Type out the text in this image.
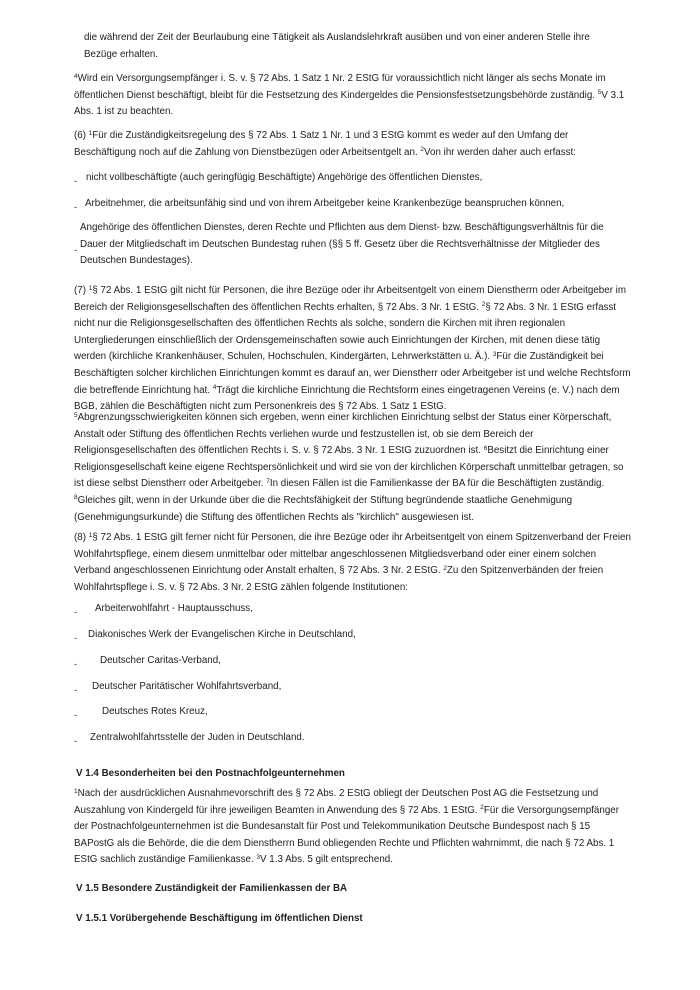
die während der Zeit der Beurlaubung eine Tätigkeit als Auslandslehrkraft ausüben und von einer anderen Stelle ihre Bezüge erhalten.

$^4$Wird ein Versorgungsempfänger i. S. v. § 72 Abs. 1 Satz 1 Nr. 2 EStG für voraussichtlich nicht länger als sechs Monate im öffentlichen Dienst beschäftigt, bleibt für die Festsetzung des Kindergeldes die Pensionsfestsetzungsbehörde zuständig. $^5$V 3.1 Abs. 1 ist zu beachten.

(6) $^1$Für die Zuständigkeitsregelung des § 72 Abs. 1 Satz 1 Nr. 1 und 3 EStG kommt es weder auf den Umfang der Beschäftigung noch auf die Zahlung von Dienstbezügen oder Arbeitsentgelt an. $^2$Von ihr werden daher auch erfasst:

- nicht vollbeschäftigte (auch geringfügig Beschäftigte) Angehörige des öffentlichen Dienstes,
- Arbeitnehmer, die arbeitsunfähig sind und von ihrem Arbeitgeber keine Krankenbezüge beanspruchen können,
-
Angehörige des öffentlichen Dienstes, deren Rechte und Pflichten aus dem Dienst- bzw. Beschäftigungsverhältnis für die Dauer der Mitgliedschaft im Deutschen Bundestag ruhen (§§ 5 ff. Gesetz über die Rechtsverhältnisse der Mitglieder des Deutschen Bundestages).

(7) $^1$§ 72 Abs. 1 EStG gilt nicht für Personen, die ihre Bezüge oder ihr Arbeitsentgelt von einem Dienstherrn oder Arbeitgeber im Bereich der Religionsgesellschaften des öffentlichen Rechts erhalten, § 72 Abs. 3 Nr. 1 EStG. $^2$§ 72 Abs. 3 Nr. 1 EStG erfasst nicht nur die Religionsgesellschaften des öffentlichen Rechts als solche, sondern die Kirchen mit ihren regionalen Untergliederungen einschließlich der Ordensgemeinschaften sowie auch Einrichtungen der Kirchen, mit denen diese tätig werden (kirchliche Krankenhäuser, Schulen, Hochschulen, Kindergärten, Lehrwerkstätten u. Ä.). $^3$Für die Zuständigkeit bei Beschäftigten solcher kirchlichen Einrichtungen kommt es darauf an, wer Dienstherr oder Arbeitgeber ist und welche Rechtsform die betreffende Einrichtung hat. $^4$Trägt die kirchliche Einrichtung die Rechtsform eines eingetragenen Vereins (e. V.) nach dem BGB, zählen die Beschäftigten nicht zum Personenkreis des § 72 Abs. 1 Satz 1 EStG.

$^5$Abgrenzungsschwierigkeiten können sich ergeben, wenn einer kirchlichen Einrichtung selbst der Status einer Körperschaft, Anstalt oder Stiftung des öffentlichen Rechts verliehen wurde und festzustellen ist, ob sie dem Bereich der Religionsgesellschaften des öffentlichen Rechts i. S. v. § 72 Abs. 3 Nr. 1 EStG zuzuordnen ist. $^6$Besitzt die Einrichtung einer Religionsgesellschaft keine eigene Rechtspersönlichkeit und wird sie von der kirchlichen Körperschaft unmittelbar getragen, so ist diese selbst Dienstherr oder Arbeitgeber. $^7$In diesen Fällen ist die Familienkasse der BA für die Beschäftigten zuständig. $^8$Gleiches gilt, wenn in der Urkunde über die die Rechtsfähigkeit der Stiftung begründende staatliche Genehmigung (Genehmigungsurkunde) die Stiftung des öffentlichen Rechts als "kirchlich" ausgewiesen ist.

(8) $^1$§ 72 Abs. 1 EStG gilt ferner nicht für Personen, die ihre Bezüge oder ihr Arbeitsentgelt von einem Spitzenverband der Freien Wohlfahrtspflege, einem diesem unmittelbar oder mittelbar angeschlossenen Mitgliedsverband oder einer einem solchen Verband angeschlossenen Einrichtung oder Anstalt erhalten, § 72 Abs. 3 Nr. 2 EStG. $^2$Zu den Spitzenverbänden der freien Wohlfahrtspflege i. S. v. § 72 Abs. 3 Nr. 2 EStG zählen folgende Institutionen:

- Arbeiterwohlfahrt - Hauptausschuss,
- Diakonisches Werk der Evangelischen Kirche in Deutschland,
- Deutscher Caritas-Verband,
- Deutscher Paritätischer Wohlfahrtsverband,
-	Deutsches Rotes Kreuz,
- Zentralwohlfahrtsstelle der Juden in Deutschland.
V 1.4 Besonderheiten bei den Postnachfolgeunternehmen

$^1$Nach der ausdrücklichen Ausnahmevorschrift des § 72 Abs. 2 EStG obliegt der Deutschen Post AG die Festsetzung und Auszahlung von Kindergeld für ihre jeweiligen Beamten in Anwendung des § 72 Abs. 1 EStG. $^2$Für die Versorgungsempfänger der Postnachfolgeunternehmen ist die Bundesanstalt für Post und Telekommunikation Deutsche Bundespost nach § 15 BAPostG als die Behörde, die die dem Dienstherrn Bund obliegenden Rechte und Pflichten wahrnimmt, die nach § 72 Abs. 1 EStG sachlich zuständige Familienkasse. $^3$V 1.3 Abs. 5 gilt entsprechend.

V 1.5 Besondere Zuständigkeit der Familienkassen der BA
V 1.5.1 Vorübergehende Beschäftigung im öffentlichen Dienst
